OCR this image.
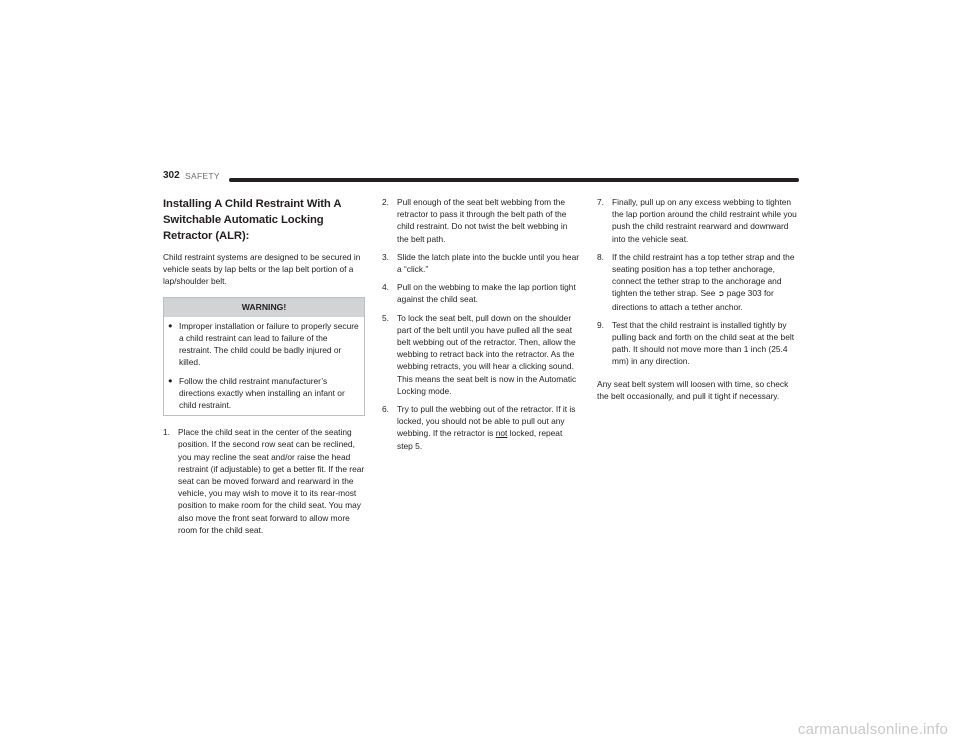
302 SAFETY
Installing A Child Restraint With A Switchable Automatic Locking Retractor (ALR):

Child restraint systems are designed to be secured in vehicle seats by lap belts or the lap belt portion of a lap/shoulder belt.

WARNING!
● Improper installation or failure to properly secure a child restraint can lead to failure of the restraint. The child could be badly injured or killed.
● Follow the child restraint manufacturer’s directions exactly when installing an infant or child restraint.
1. Place the child seat in the center of the seating position. If the second row seat can be reclined, you may recline the seat and/or raise the head restraint (if adjustable) to get a better fit. If the rear seat can be moved forward and rearward in the vehicle, you may wish to move it to its rear-most position to make room for the child seat. You may also move the front seat forward to allow more room for the child seat.
2. Pull enough of the seat belt webbing from the retractor to pass it through the belt path of the child restraint. Do not twist the belt webbing in the belt path.
3. Slide the latch plate into the buckle until you hear a “click.”
4. Pull on the webbing to make the lap portion tight against the child seat.
5. To lock the seat belt, pull down on the shoulder part of the belt until you have pulled all the seat belt webbing out of the retractor. Then, allow the webbing to retract back into the retractor. As the webbing retracts, you will hear a clicking sound. This means the seat belt is now in the Automatic Locking mode.
6. Try to pull the webbing out of the retractor. If it is locked, you should not be able to pull out any webbing. If the retractor is not locked, repeat step 5.
7. Finally, pull up on any excess webbing to tighten the lap portion around the child restraint while you push the child restraint rearward and downward into the vehicle seat.
8. If the child restraint has a top tether strap and the seating position has a top tether anchorage, connect the tether strap to the anchorage and tighten the tether strap. See ➲ page 303 for directions to attach a tether anchor.
9. Test that the child restraint is installed tightly by pulling back and forth on the child seat at the belt path. It should not move more than 1 inch (25.4 mm) in any direction.

Any seat belt system will loosen with time, so check the belt occasionally, and pull it tight if necessary.

carmanualsonline.info
